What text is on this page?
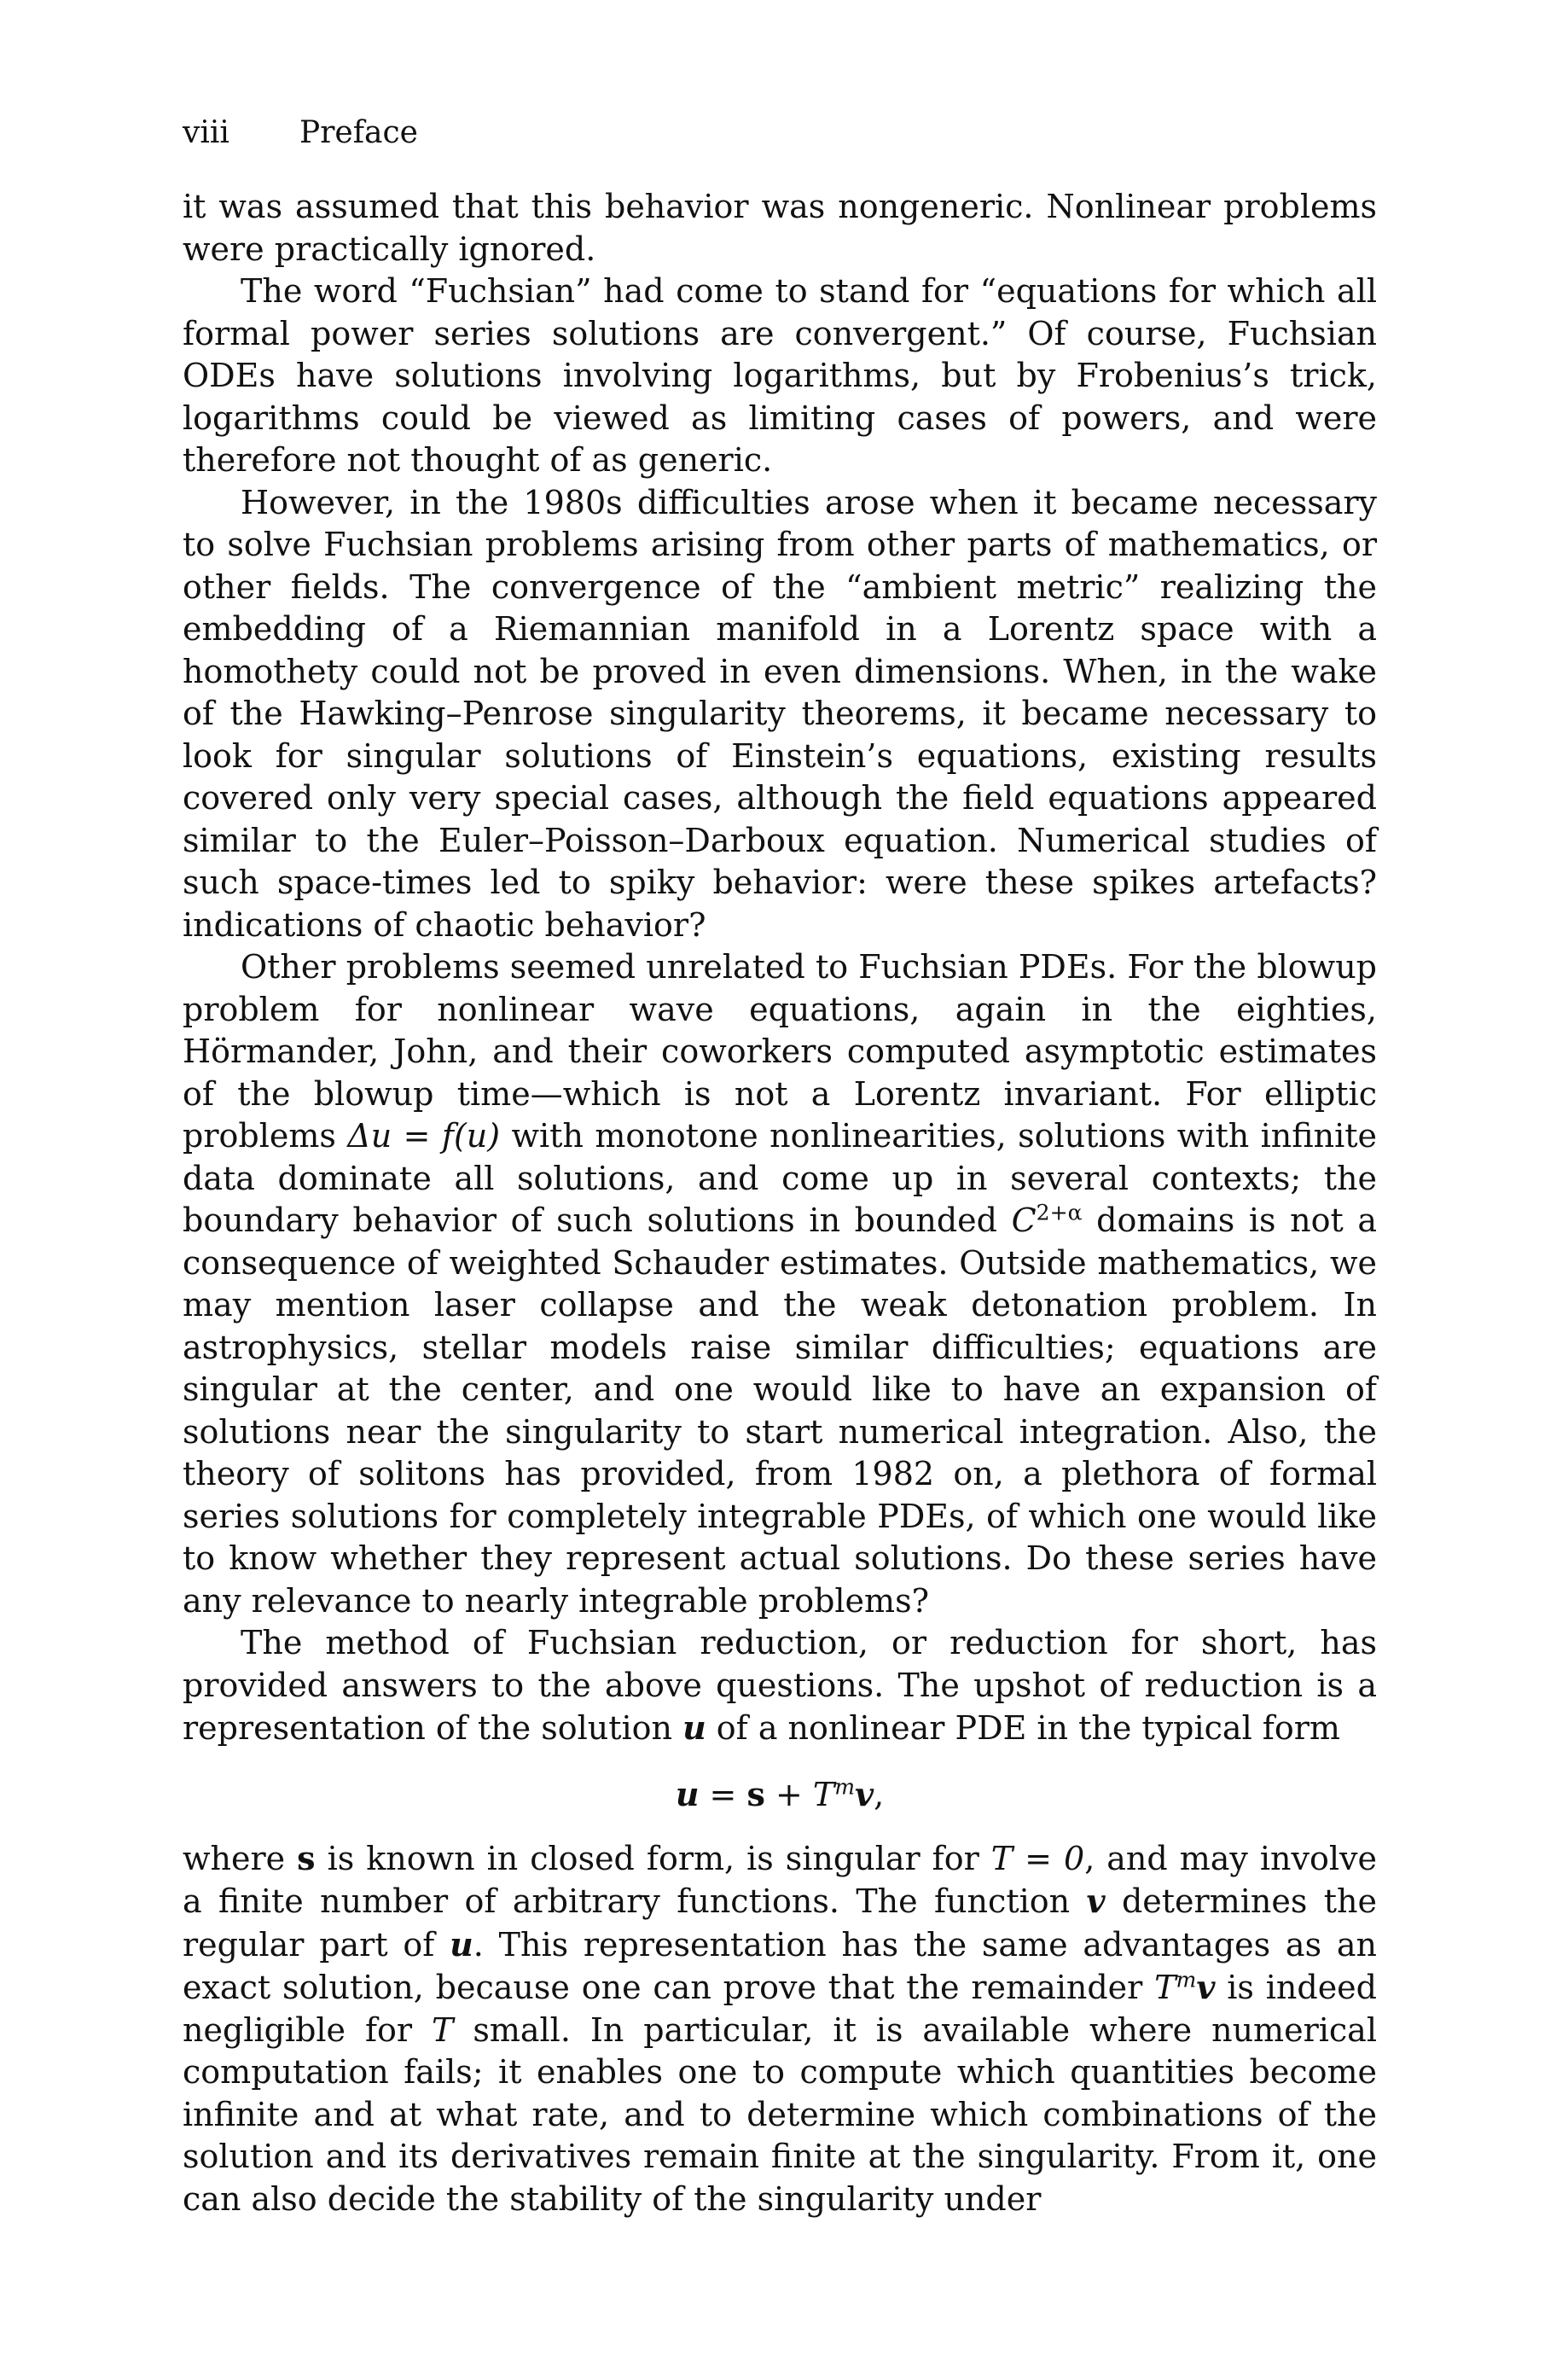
viii Preface

it was assumed that this behavior was nongeneric. Nonlinear problems were practically ignored.

The word “Fuchsian” had come to stand for “equations for which all formal power series solutions are convergent.” Of course, Fuchsian ODEs have solutions involving logarithms, but by Frobenius’s trick, logarithms could be viewed as limiting cases of powers, and were therefore not thought of as generic.

However, in the 1980s difficulties arose when it became necessary to solve Fuchsian problems arising from other parts of mathematics, or other fields. The convergence of the “ambient metric” realizing the embedding of a Riemannian manifold in a Lorentz space with a homothety could not be proved in even dimensions. When, in the wake of the Hawking–Penrose singularity theorems, it became necessary to look for singular solutions of Einstein’s equations, existing results covered only very special cases, although the field equations appeared similar to the Euler–Poisson–Darboux equation. Numerical studies of such space-times led to spiky behavior: were these spikes artefacts? indications of chaotic behavior?

Other problems seemed unrelated to Fuchsian PDEs. For the blowup problem for nonlinear wave equations, again in the eighties, Hörmander, John, and their coworkers computed asymptotic estimates of the blowup time—which is not a Lorentz invariant. For elliptic problems Δu = f(u) with monotone nonlinearities, solutions with infinite data dominate all solutions, and come up in several contexts; the boundary behavior of such solutions in bounded $C^{2+\alpha}$ domains is not a consequence of weighted Schauder estimates. Outside mathematics, we may mention laser collapse and the weak detonation problem. In astrophysics, stellar models raise similar difficulties; equations are singular at the center, and one would like to have an expansion of solutions near the singularity to start numerical integration. Also, the theory of solitons has provided, from 1982 on, a plethora of formal series solutions for completely integrable PDEs, of which one would like to know whether they represent actual solutions. Do these series have any relevance to nearly integrable problems?

The method of Fuchsian reduction, or reduction for short, has provided answers to the above questions. The upshot of reduction is a representation of the solution u of a nonlinear PDE in the typical form

$u = s + T^mv$,

where s is known in closed form, is singular for T = 0, and may involve a finite number of arbitrary functions. The function v determines the regular part of u. This representation has the same advantages as an exact solution, because one can prove that the remainder $T^mv$ is indeed negligible for T small. In particular, it is available where numerical computation fails; it enables one to compute which quantities become infinite and at what rate, and to determine which combinations of the solution and its derivatives remain finite at the singularity. From it, one can also decide the stability of the singularity under
